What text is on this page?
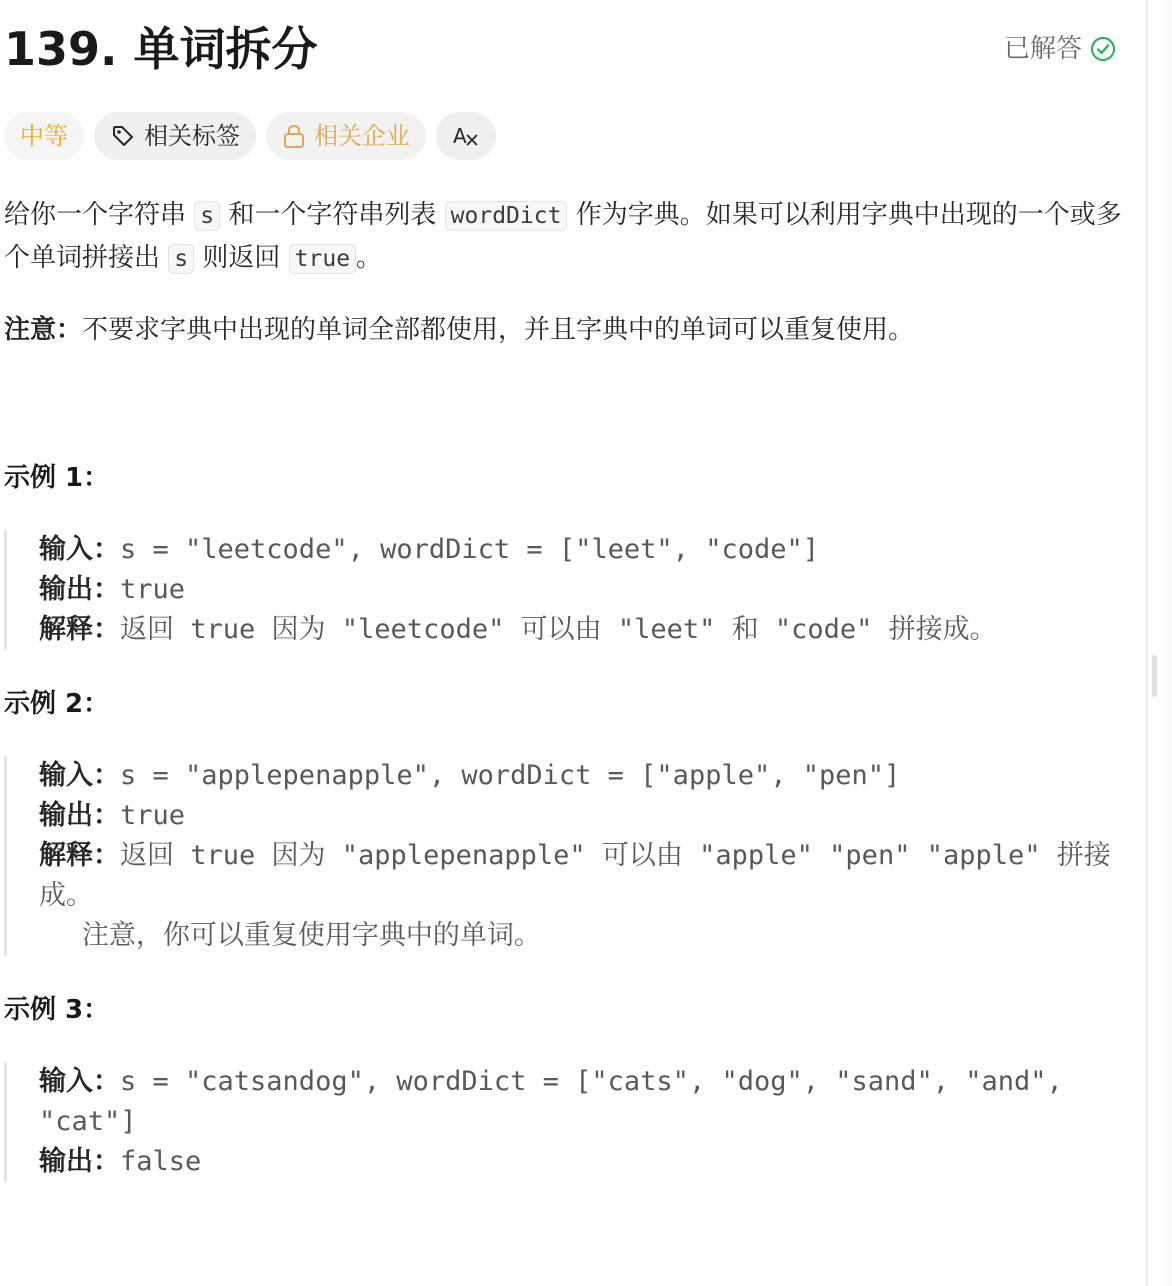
139. 单词拆分	已解答
中等	相关标签	相关企业 A

给你一个字符串 s 和一个字符串列表 wordDict 作为字典。如果可以利用字典中出现的一个或多个单词拼接出 s 则返回 true 。

注意：不要求字典中出现的单词全部都使用，并且字典中的单词可以重复使用。
示例 1：
输入：s = "leetcode", wordDict = ["leet", "code"]
输出：true
解释：返回 true 因为 "leetcode" 可以由 "leet" 和 "code" 拼接成。
示例 2：
输入：s = "applepenapple", wordDict = ["apple", "pen"]
输出：true
解释：返回 true 因为 "applepenapple" 可以由 "apple" "pen" "apple" 拼接成。
注意，你可以重复使用字典中的单词。
示例 3：
输入：s = "catsandog", wordDict = ["cats", "dog", "sand", "and", "cat"]
输出：false
